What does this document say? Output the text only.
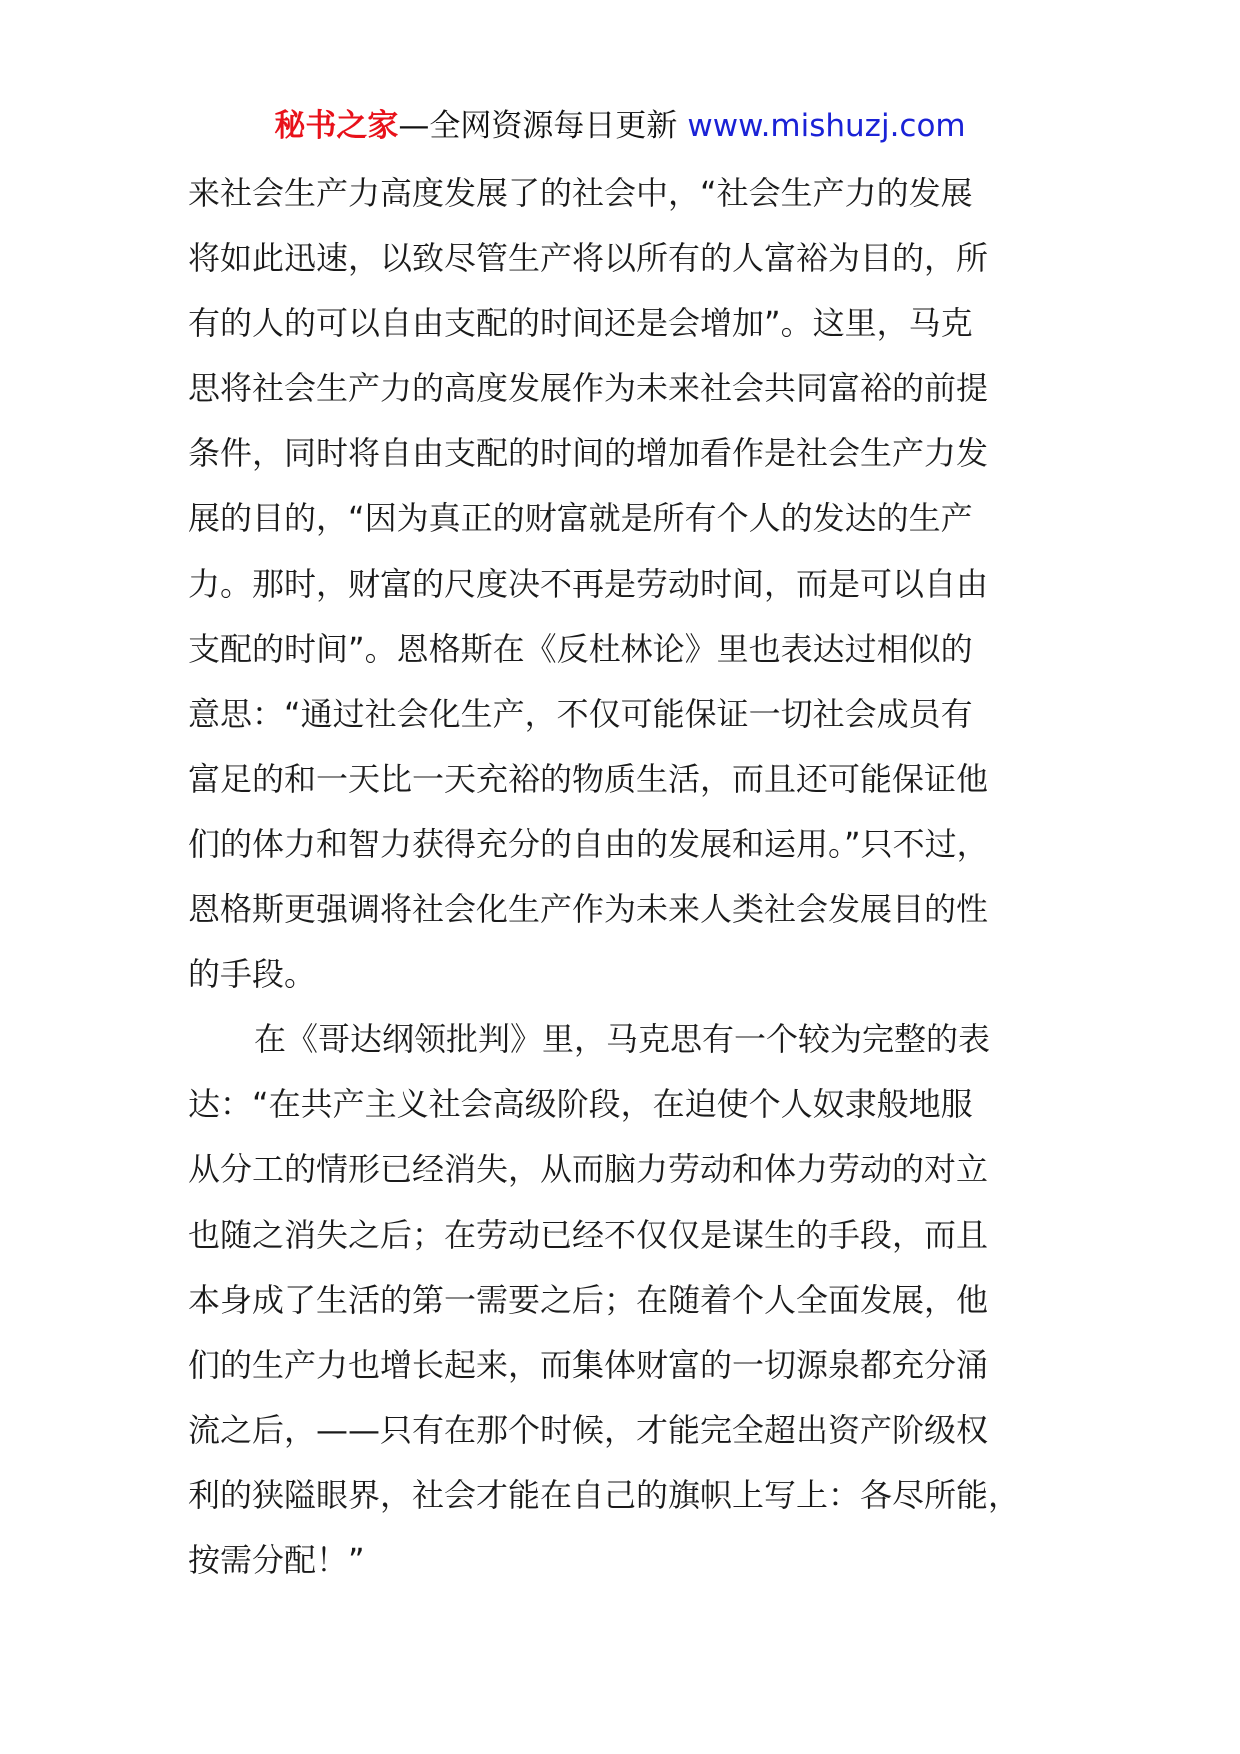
秘书之家—全网资源每日更新 www.mishuzj.com
来社会生产力高度发展了的社会中，“社会生产力的发展
将如此迅速，以致尽管生产将以所有的人富裕为目的，所
有的人的可以自由支配的时间还是会增加”。这里，马克
思将社会生产力的高度发展作为未来社会共同富裕的前提
条件，同时将自由支配的时间的增加看作是社会生产力发
展的目的，“因为真正的财富就是所有个人的发达的生产
力。那时，财富的尺度决不再是劳动时间，而是可以自由
支配的时间”。恩格斯在《反杜林论》里也表达过相似的
意思：“通过社会化生产，不仅可能保证一切社会成员有
富足的和一天比一天充裕的物质生活，而且还可能保证他
们的体力和智力获得充分的自由的发展和运用。”只不过，
恩格斯更强调将社会化生产作为未来人类社会发展目的性
的手段。
在《哥达纲领批判》里，马克思有一个较为完整的表
达：“在共产主义社会高级阶段，在迫使个人奴隶般地服
从分工的情形已经消失，从而脑力劳动和体力劳动的对立
也随之消失之后；在劳动已经不仅仅是谋生的手段，而且
本身成了生活的第一需要之后；在随着个人全面发展，他
们的生产力也增长起来，而集体财富的一切源泉都充分涌
流之后，——只有在那个时候，才能完全超出资产阶级权
利的狭隘眼界，社会才能在自己的旗帜上写上：各尽所能，
按需分配！”
